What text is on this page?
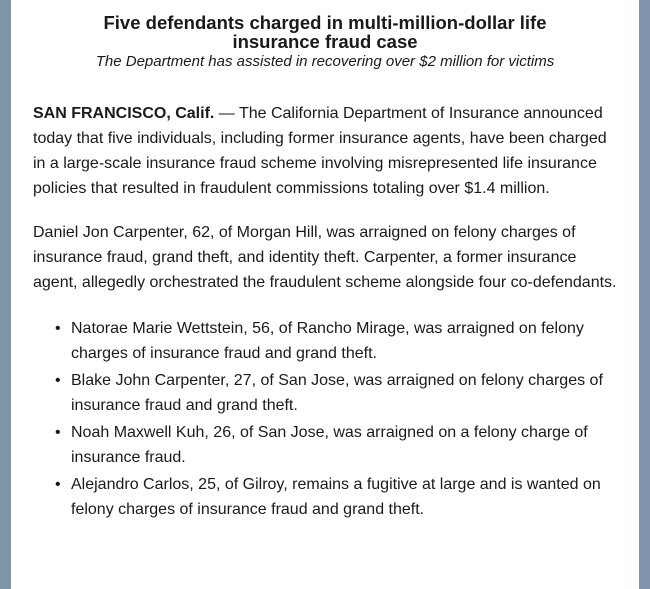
Five defendants charged in multi-million-dollar life insurance fraud case

The Department has assisted in recovering over $2 million for victims

SAN FRANCISCO, Calif. — The California Department of Insurance announced today that five individuals, including former insurance agents, have been charged in a large-scale insurance fraud scheme involving misrepresented life insurance policies that resulted in fraudulent commissions totaling over $1.4 million.

Daniel Jon Carpenter, 62, of Morgan Hill, was arraigned on felony charges of insurance fraud, grand theft, and identity theft. Carpenter, a former insurance agent, allegedly orchestrated the fraudulent scheme alongside four co-defendants.

• Natorae Marie Wettstein, 56, of Rancho Mirage, was arraigned on felony charges of insurance fraud and grand theft.
• Blake John Carpenter, 27, of San Jose, was arraigned on felony charges of insurance fraud and grand theft.
• Noah Maxwell Kuh, 26, of San Jose, was arraigned on a felony charge of insurance fraud.
• Alejandro Carlos, 25, of Gilroy, remains a fugitive at large and is wanted on felony charges of insurance fraud and grand theft.
